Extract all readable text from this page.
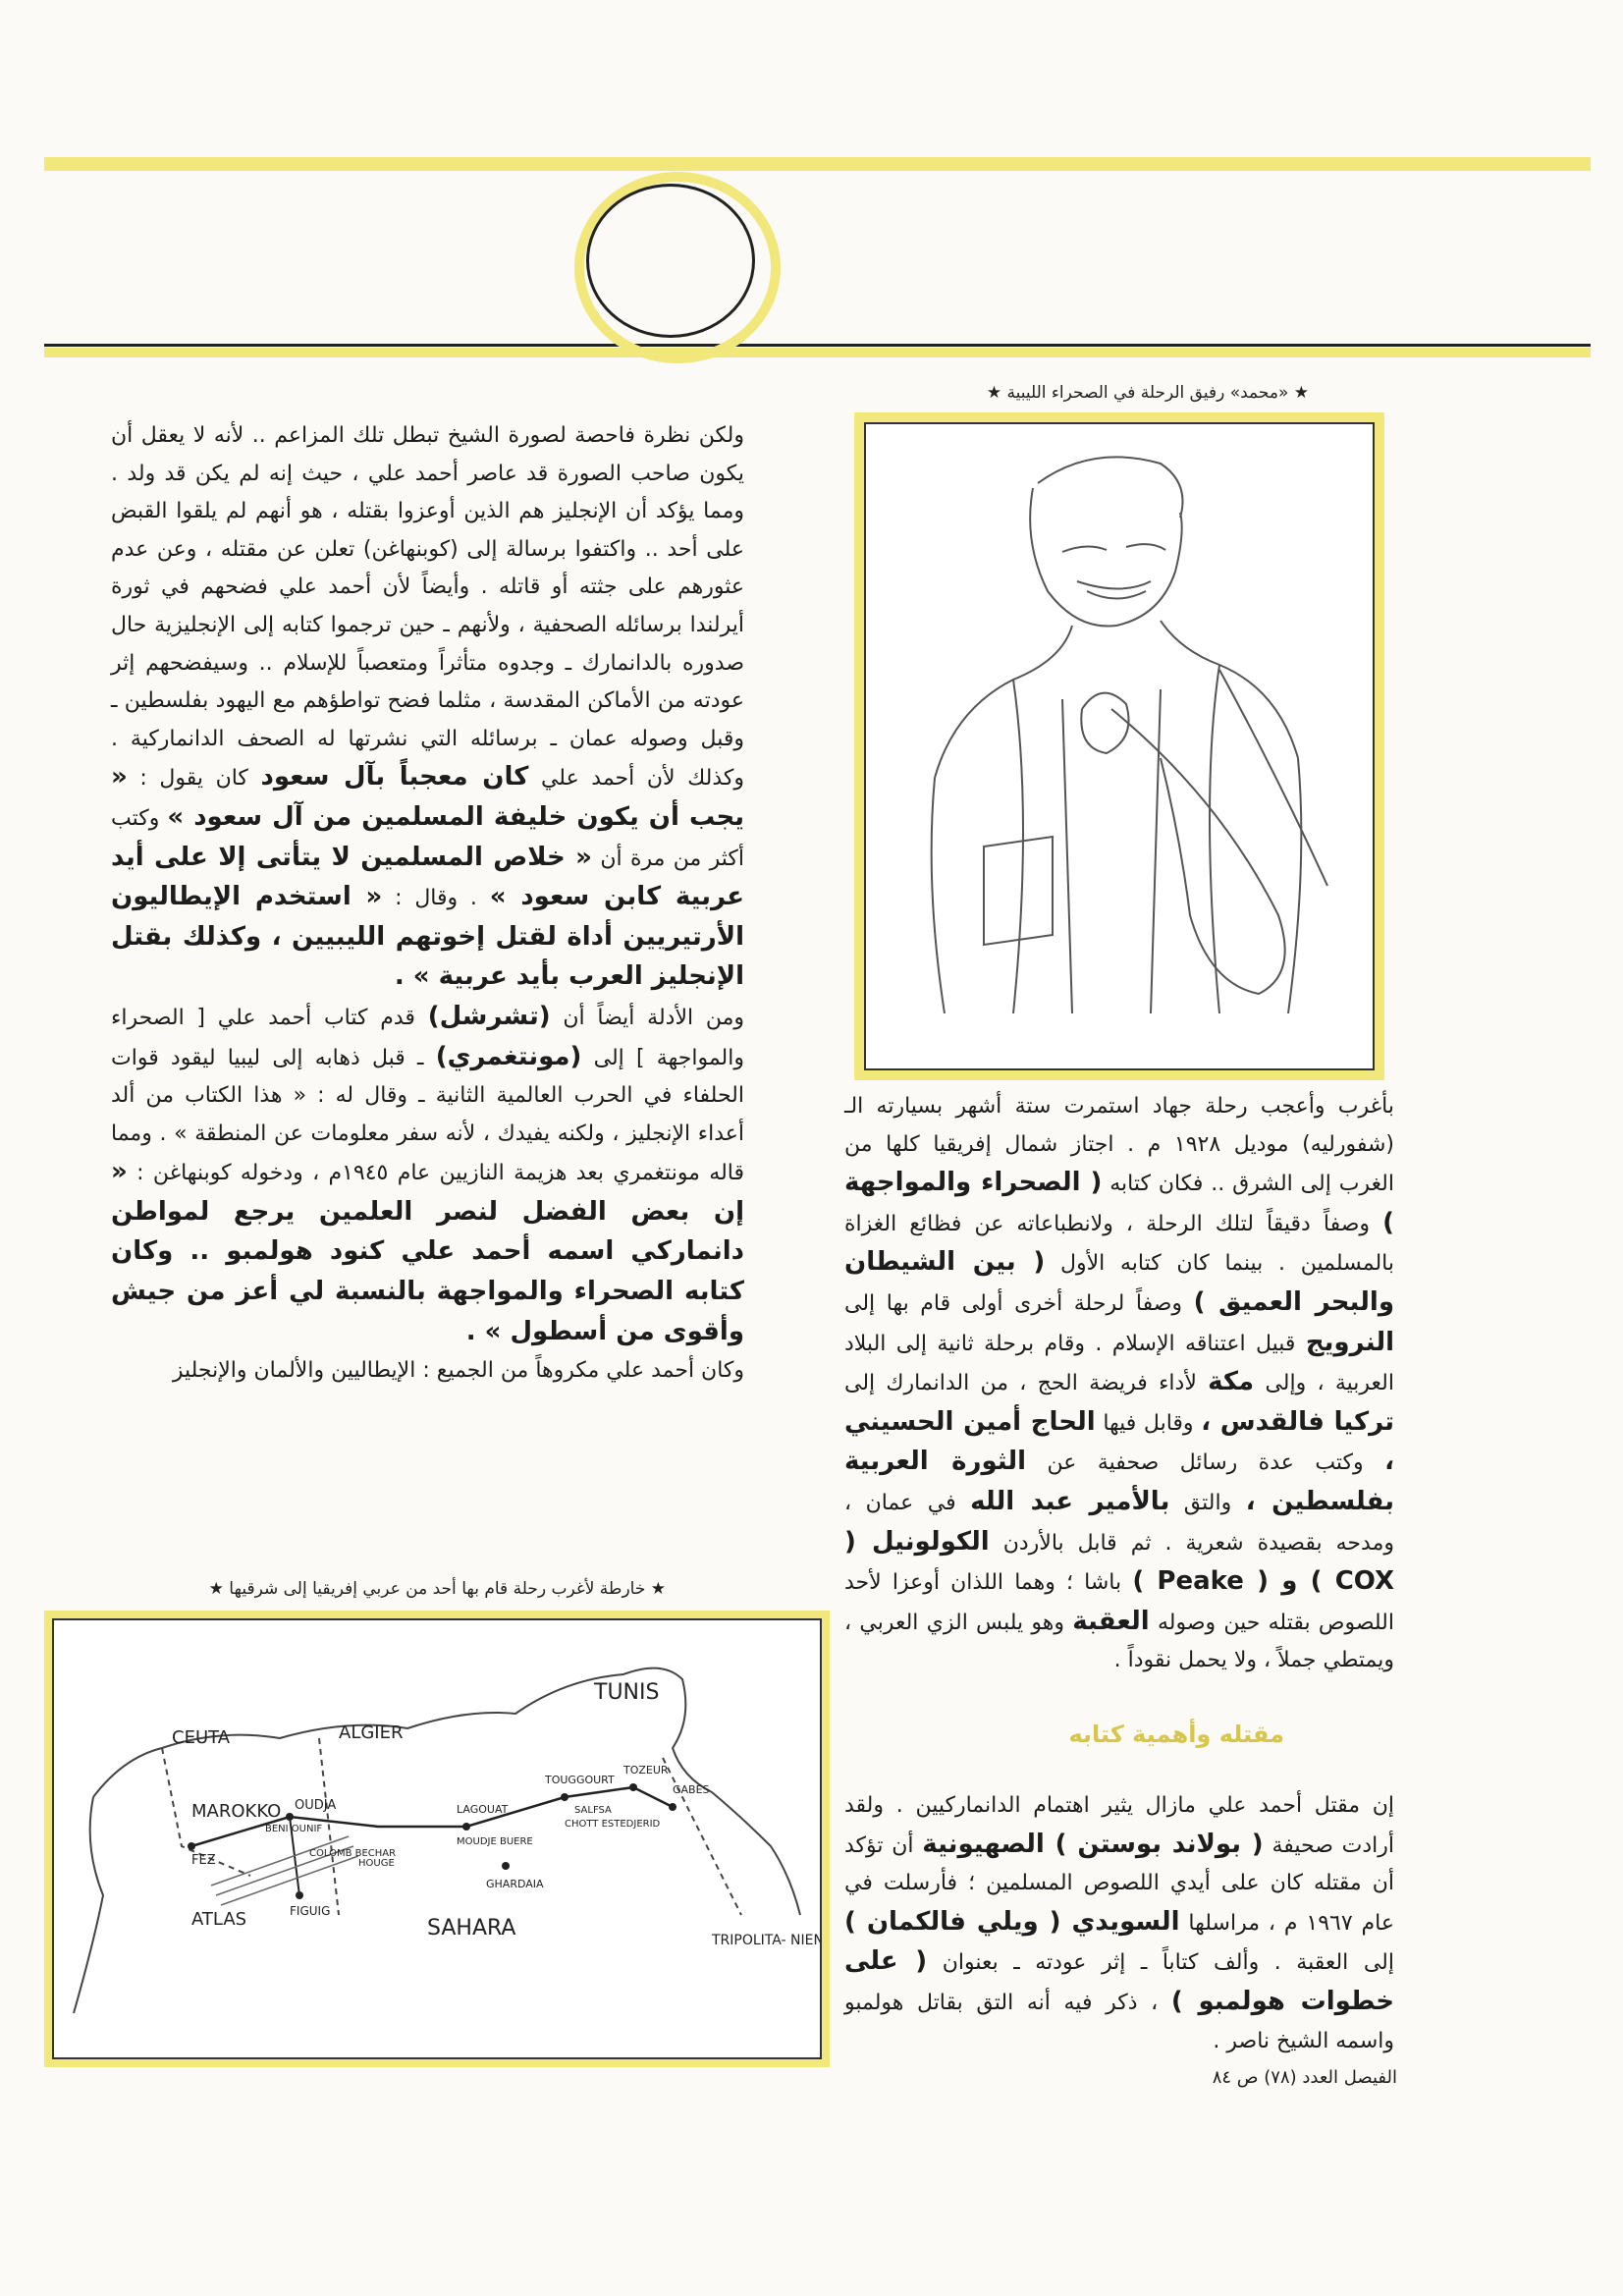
★ «محمد» رفيق الرحلة في الصحراء الليبية ★

بأغرب وأعجب رحلة جهاد استمرت ستة أشهر بسيارته الـ (شفورليه) موديل ١٩٢٨ م . اجتاز شمال إفريقيا كلها من الغرب إلى الشرق .. فكان كتابه ( الصحراء والمواجهة ) وصفاً دقيقاً لتلك الرحلة ، ولانطباعاته عن فظائع الغزاة بالمسلمين . بينما كان كتابه الأول ( بين الشيطان والبحر العميق ) وصفاً لرحلة أخرى أولى قام بها إلى النرويج قبيل اعتناقه الإسلام . وقام برحلة ثانية إلى البلاد العربية ، وإلى مكة لأداء فريضة الحج ، من الدانمارك إلى تركيا فالقدس ، وقابل فيها الحاج أمين الحسيني ، وكتب عدة رسائل صحفية عن الثورة العربية بفلسطين ، والتق بالأمير عبد الله في عمان ، ومدحه بقصيدة شعرية . ثم قابل بالأردن الكولونيل ( COX ) و ( Peake ) باشا ؛ وهما اللذان أوعزا لأحد اللصوص بقتله حين وصوله العقبة وهو يلبس الزي العربي ، ويمتطي جملاً ، ولا يحمل نقوداً .

مقتله وأهمية كتابه

إن مقتل أحمد علي مازال يثير اهتمام الدانماركيين . ولقد أرادت صحيفة ( بولاند بوستن ) الصهيونية أن تؤكد أن مقتله كان على أيدي اللصوص المسلمين ؛ فأرسلت في عام ١٩٦٧ م ، مراسلها السويدي ( ويلي فالكمان ) إلى العقبة . وألف كتاباً ـ إثر عودته ـ بعنوان ( على خطوات هولمبو ) ، ذكر فيه أنه التق بقاتل هولمبو واسمه الشيخ ناصر .

ولكن نظرة فاحصة لصورة الشيخ تبطل تلك المزاعم .. لأنه لا يعقل أن يكون صاحب الصورة قد عاصر أحمد علي ، حيث إنه لم يكن قد ولد . ومما يؤكد أن الإنجليز هم الذين أوعزوا بقتله ، هو أنهم لم يلقوا القبض على أحد .. واكتفوا برسالة إلى (كوبنهاغن) تعلن عن مقتله ، وعن عدم عثورهم على جثته أو قاتله . وأيضاً لأن أحمد علي فضحهم في ثورة أيرلندا برسائله الصحفية ، ولأنهم ـ حين ترجموا كتابه إلى الإنجليزية حال صدوره بالدانمارك ـ وجدوه متأثراً ومتعصباً للإسلام .. وسيفضحهم إثر عودته من الأماكن المقدسة ، مثلما فضح تواطؤهم مع اليهود بفلسطين ـ وقبل وصوله عمان ـ برسائله التي نشرتها له الصحف الدانماركية . وكذلك لأن أحمد علي كان معجباً بآل سعود كان يقول : « يجب أن يكون خليفة المسلمين من آل سعود » وكتب أكثر من مرة أن « خلاص المسلمين لا يتأتى إلا على أيد عربية كابن سعود » . وقال : « استخدم الإيطاليون الأرتيريين أداة لقتل إخوتهم الليبيين ، وكذلك بقتل الإنجليز العرب بأيد عربية » .

ومن الأدلة أيضاً أن (تشرشل) قدم كتاب أحمد علي [ الصحراء والمواجهة ] إلى (مونتغمري) ـ قبل ذهابه إلى ليبيا ليقود قوات الحلفاء في الحرب العالمية الثانية ـ وقال له : « هذا الكتاب من ألد أعداء الإنجليز ، ولكنه يفيدك ، لأنه سفر معلومات عن المنطقة » . ومما قاله مونتغمري بعد هزيمة النازيين عام ١٩٤٥م ، ودخوله كوبنهاغن : « إن بعض الفضل لنصر العلمين يرجع لمواطن دانماركي اسمه أحمد علي كنود هولمبو .. وكان كتابه الصحراء والمواجهة بالنسبة لي أعز من جيش وأقوى من أسطول » .

وكان أحمد علي مكروهاً من الجميع : الإيطاليين والألمان والإنجليز

★ خارطة لأغرب رحلة قام بها أحد من عربي إفريقيا إلى شرقيها ★
CEUTA	ALGIER
TUNIS
MAROKKO OUDJA
FEZ
ATLAS	FIGUIG
SAHARA
LAGOUAT
GHARDAIA
TOUGGOURT
TOZEUR
GABES
TRIPOLITA- NIEN
CHOTT ESTEDJERID
COLOMB BECHAR
HOUGE
BENI OUNIF
MOUDJE BUERE
SALFSA
الفيصل العدد (٧٨) ص ٨٤
